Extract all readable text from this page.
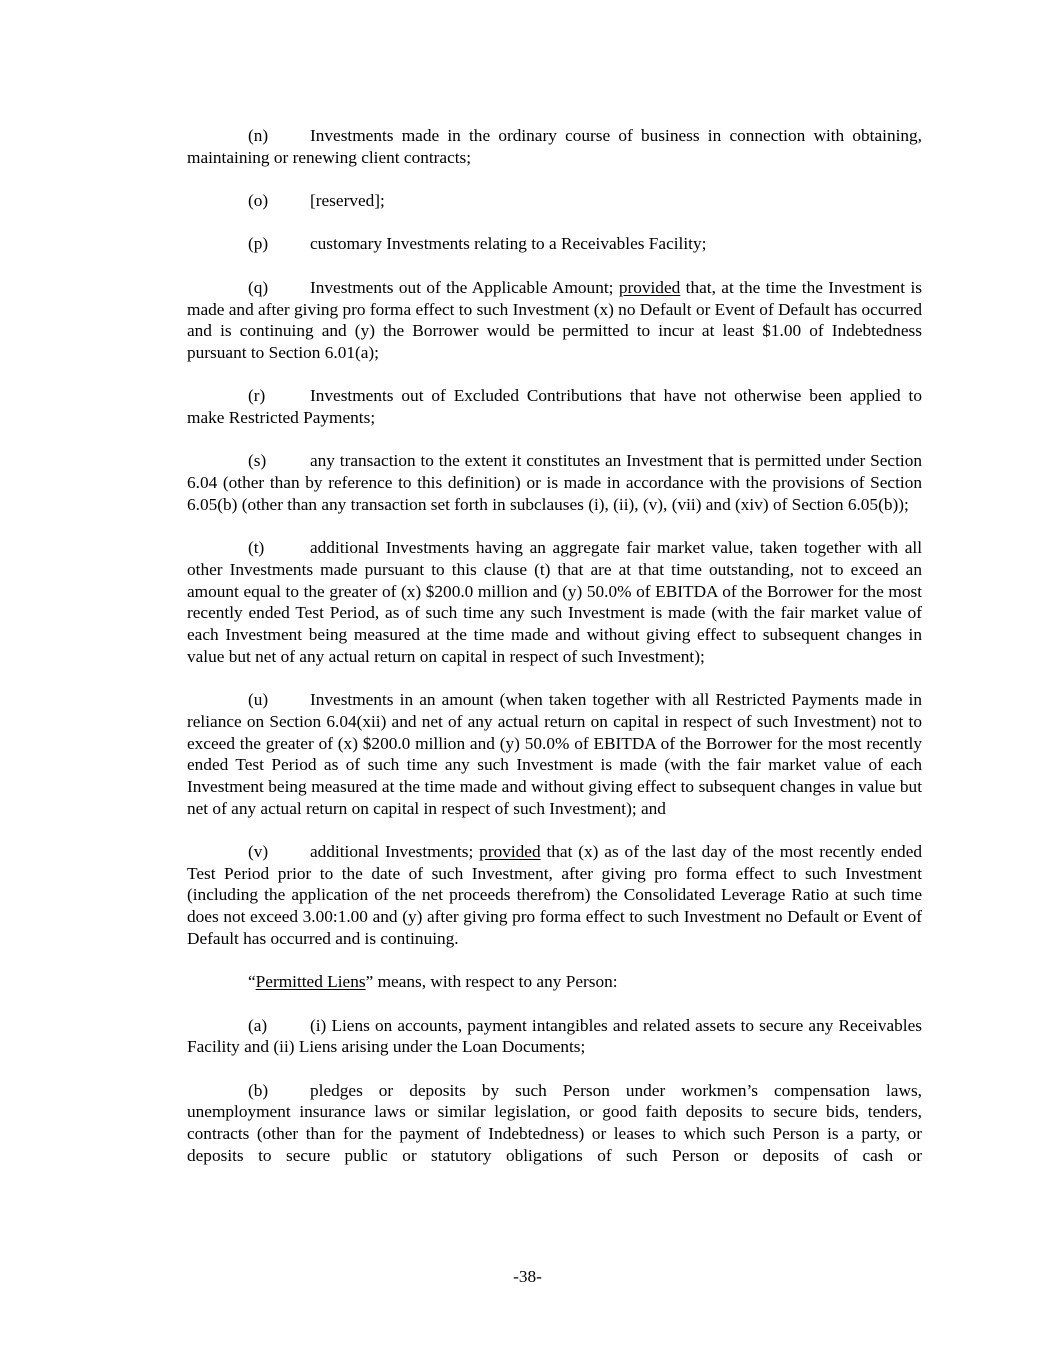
(n) Investments made in the ordinary course of business in connection with obtaining, maintaining or renewing client contracts;

(o) [reserved];

(p) customary Investments relating to a Receivables Facility;

(q) Investments out of the Applicable Amount; provided that, at the time the Investment is made and after giving pro forma effect to such Investment (x) no Default or Event of Default has occurred and is continuing and (y) the Borrower would be permitted to incur at least $1.00 of Indebtedness pursuant to Section 6.01(a);

(r)	Investments out of Excluded Contributions that have not otherwise been applied to make Restricted Payments;

(s)	any transaction to the extent it constitutes an Investment that is permitted under Section 6.04 (other than by reference to this definition) or is made in accordance with the provisions of Section 6.05(b) (other than any transaction set forth in subclauses (i), (ii), (v), (vii) and (xiv) of Section 6.05(b));

(t)	additional Investments having an aggregate fair market value, taken together with all other Investments made pursuant to this clause (t) that are at that time outstanding, not to exceed an amount equal to the greater of (x) $200.0 million and (y) 50.0% of EBITDA of the Borrower for the most recently ended Test Period, as of such time any such Investment is made (with the fair market value of each Investment being measured at the time made and without giving effect to subsequent changes in value but net of any actual return on capital in respect of such Investment);

(u) Investments in an amount (when taken together with all Restricted Payments made in reliance on Section 6.04(xii) and net of any actual return on capital in respect of such Investment) not to exceed the greater of (x) $200.0 million and (y) 50.0% of EBITDA of the Borrower for the most recently ended Test Period as of such time any such Investment is made (with the fair market value of each Investment being measured at the time made and without giving effect to subsequent changes in value but net of any actual return on capital in respect of such Investment); and

(v) additional Investments; provided that (x) as of the last day of the most recently ended Test Period prior to the date of such Investment, after giving pro forma effect to such Investment (including the application of the net proceeds therefrom) the Consolidated Leverage Ratio at such time does not exceed 3.00:1.00 and (y) after giving pro forma effect to such Investment no Default or Event of Default has occurred and is continuing.

“Permitted Liens” means, with respect to any Person:

(a) (i) Liens on accounts, payment intangibles and related assets to secure any Receivables Facility and (ii) Liens arising under the Loan Documents;

(b) pledges or deposits by such Person under workmen’s compensation laws, unemployment insurance laws or similar legislation, or good faith deposits to secure bids, tenders, contracts (other than for the payment of Indebtedness) or leases to which such Person is a party, or deposits to secure public or statutory obligations of such Person or deposits of cash or

-38-
